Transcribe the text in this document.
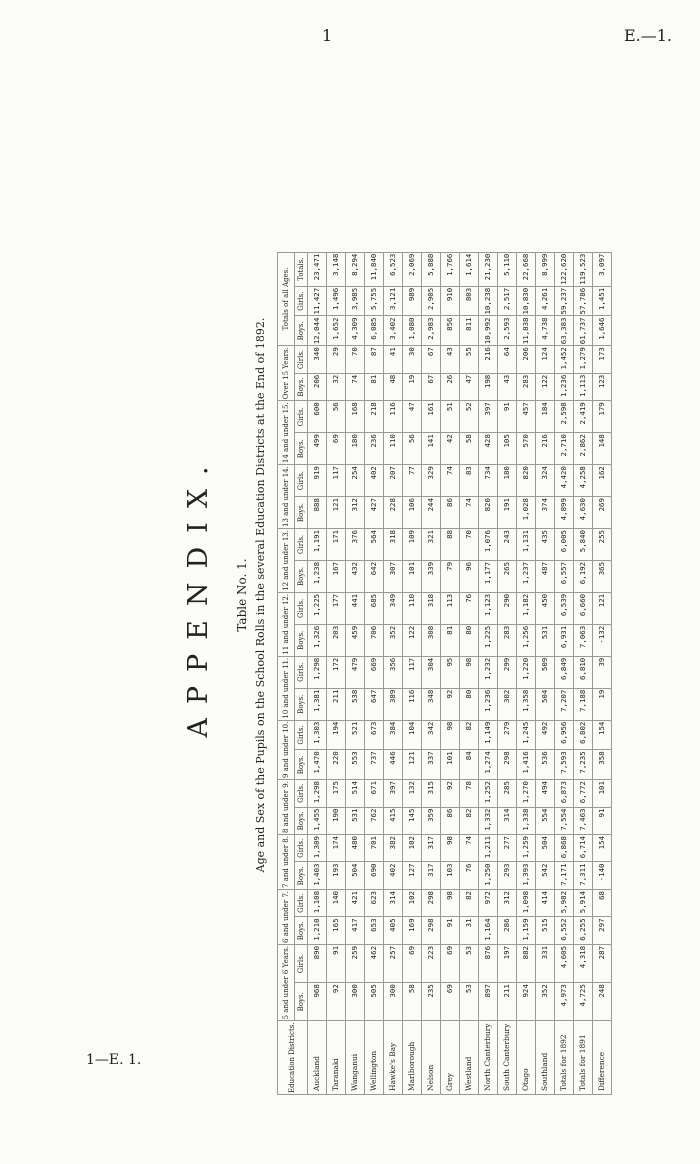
1	E.—1.
1—E. 1.
APPENDIX. Table No. 1. Age and Sex of the Pupils on the School Rolls in the several Education Districts at the End of 1892.
Education Districts.	5 and under 6 Years.		6 and under 7.		7 and under 8.		8 and under 9.		9 and under 10.		10 and under 11.		11 and under 12.		12 and under 13.		13 and under 14.		14 and under 15.		Over 15 Years.		Totals of all Ages.		
	Boys.	Girls.	Boys.	Girls.	Boys.	Girls.	Boys.	Girls.	Boys.	Girls.	Boys.	Girls.	Boys.	Girls.	Boys.	Girls.	Boys.	Girls.	Boys.	Girls.	Boys.	Girls.	Boys.	Girls.	Totals.
Auckland	968	890	1,210	1,108	1,403	1,309	1,455	1,298	1,470	1,303	1,381	1,298	1,326	1,225	1,238	1,191	888	919	499	600	206	340	12,044	11,427	23,471
Taranaki	92	91	165	140	193	174	190	175	220	194	211	172	203	177	167	171	121	117	69	56	32	29	1,652	1,496	3,148
Wanganui	300	259	417	421	504	480	531	514	553	521	538	479	459	441	432	376	312	254	180	168	74	70	4,309	3,985	8,294
Wellington	505	462	653	623	690	701	762	671	737	673	647	669	706	685	642	564	427	402	236	218	81	87	6,085	5,755	11,840
Hawke's Bay	300	257	405	314	402	382	415	397	446	384	389	356	352	349	307	318	228	207	110	116	48	41	3,402	3,121	6,523
Marlborough	58	69	169	102	127	102	145	132	121	104	116	117	122	110	101	109	106	77	56	47	19	30	1,080	989	2,069
Nelson	235	223	298	298	317	317	359	315	337	342	348	304	308	318	339	321	244	329	141	161	67	67	2,983	2,905	5,888
Grey	69	69	91	98	103	98	86	92	101	98	92	95	81	113	79	88	86	74	42	51	26	43	856	910	1,766
Westland	53	53	31	82	76	74	82	78	84	82	80	98	80	76	96	70	74	83	58	52	47	55	811	803	1,614
North Canterbury	897	876	1,164	972	1,250	1,211	1,332	1,252	1,274	1,149	1,236	1,232	1,225	1,123	1,177	1,076	820	734	428	397	198	216	10,992	10,238	21,230
South Canterbury	211	197	286	312	293	277	314	285	298	279	302	299	283	290	265	243	191	180	105	91	43	64	2,593	2,517	5,110
Otago	924	882	1,159	1,098	1,393	1,259	1,338	1,270	1,416	1,245	1,358	1,220	1,256	1,182	1,237	1,131	1,028	820	570	457	283	206	11,838	10,830	22,668
Southland	352	331	515	414	542	504	554	494	536	492	504	509	531	450	487	435	374	324	216	184	122	124	4,738	4,261	8,999
Totals for 1892	4,973	4,605	6,552	5,982	7,171	6,868	7,554	6,873	7,593	6,956	7,207	6,849	6,931	6,539	6,557	6,005	4,899	4,420	2,710	2,598	1,236	1,452	63,383	59,237	122,620
Totals for 1891	4,725	4,318	6,255	5,914	7,311	6,714	7,463	6,772	7,235	6,802	7,188	6,810	7,063	6,660	6,192	5,840	4,630	4,258	2,862	2,419	1,113	1,279	61,737	57,786	119,523
Difference	248	287	297	68	-140	154	91	101	358	154	19	39	-132	121	365	255	269	162	148	179	123	173	1,646	1,451	3,097
